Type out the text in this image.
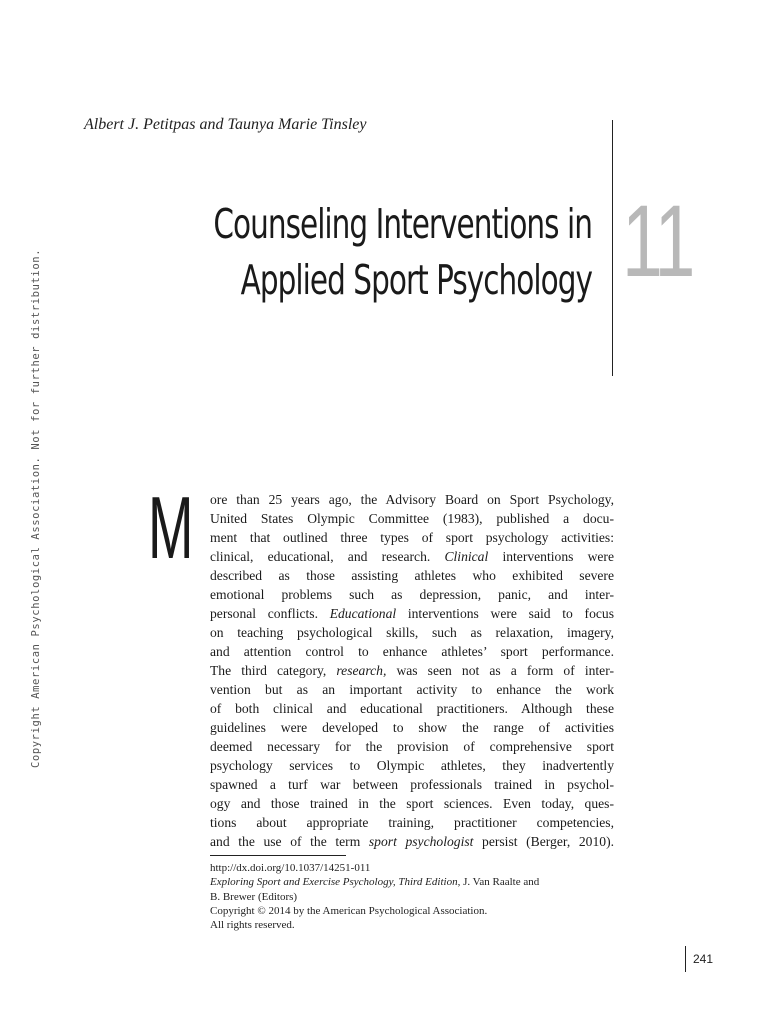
Copyright American Psychological Association. Not for further distribution.
Albert J. Petitpas and Taunya Marie Tinsley
Counseling Interventions in
Applied Sport Psychology 11
M ore than 25 years ago, the Advisory Board on Sport Psychology,
United States Olympic Committee (1983), published a docu-
ment that outlined three types of sport psychology activities:
clinical, educational, and research. Clinical interventions were
described as those assisting athletes who exhibited severe
emotional problems such as depression, panic, and inter-
personal conflicts. Educational interventions were said to focus
on teaching psychological skills, such as relaxation, imagery,
and attention control to enhance athletes’ sport performance.
The third category, research, was seen not as a form of inter-
vention but as an important activity to enhance the work
of both clinical and educational practitioners. Although these
guidelines were developed to show the range of activities
deemed necessary for the provision of comprehensive sport
psychology services to Olympic athletes, they inadvertently
spawned a turf war between professionals trained in psychol-
ogy and those trained in the sport sciences. Even today, ques-
tions about appropriate training, practitioner competencies,
and the use of the term sport psychologist persist (Berger, 2010).
http://dx.doi.org/10.1037/14251-011
Exploring Sport and Exercise Psychology, Third Edition, J. Van Raalte and
B. Brewer (Editors)
Copyright © 2014 by the American Psychological Association.
All rights reserved.
241
